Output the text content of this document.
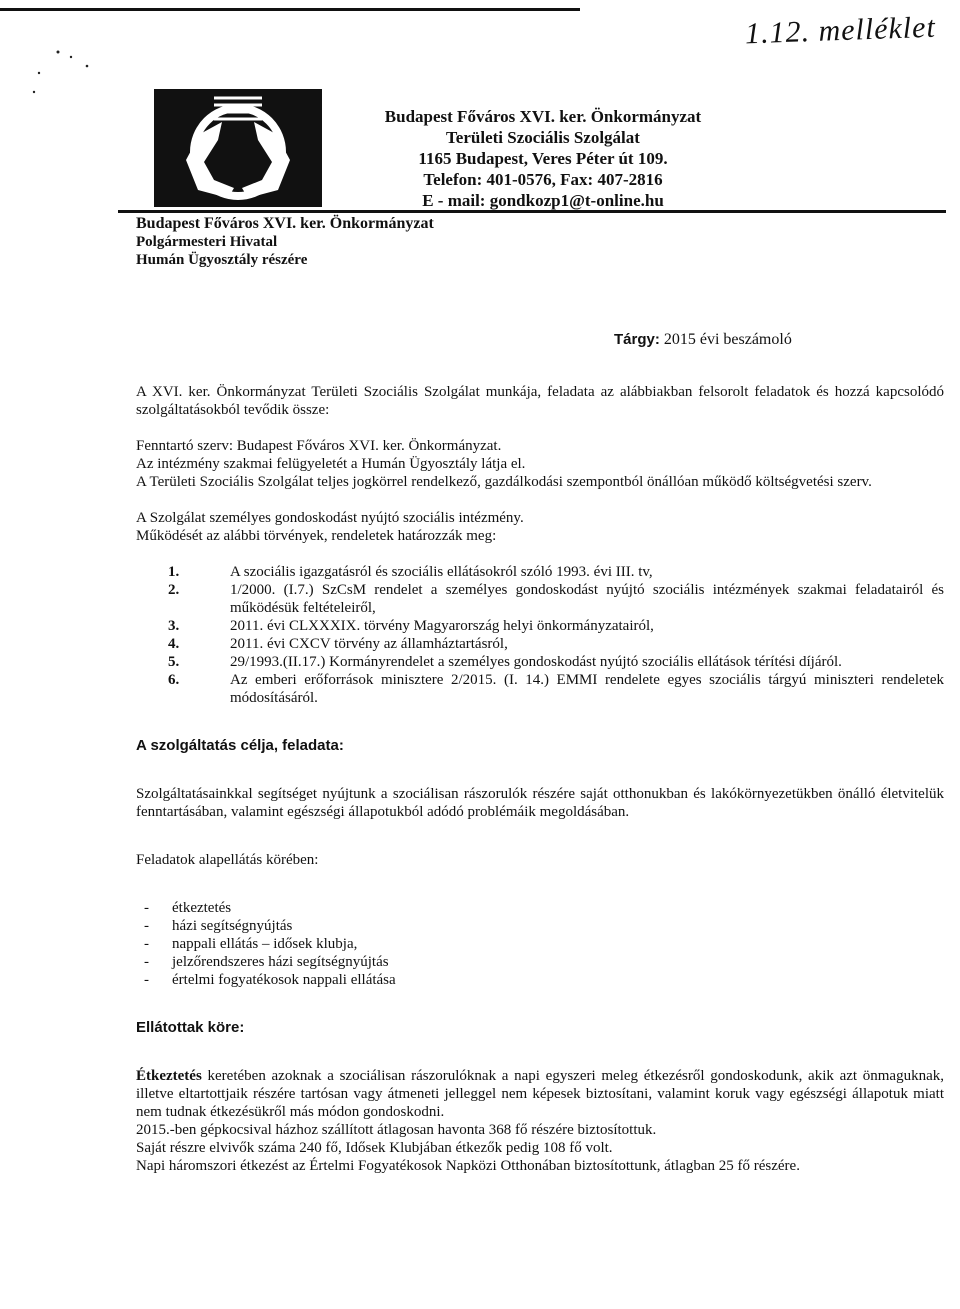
1.12. melléklet
Budapest Főváros XVI. ker. Önkormányzat
Területi Szociális Szolgálat
1165 Budapest, Veres Péter út 109.
Telefon: 401-0576, Fax: 407-2816
E - mail: gondkozp1@t-online.hu
Budapest Főváros XVI. ker. Önkormányzat
Polgármesteri Hivatal
Humán Ügyosztály részére
Tárgy: 2015 évi beszámoló

A XVI. ker. Önkormányzat Területi Szociális Szolgálat munkája, feladata az alábbiakban felsorolt feladatok és hozzá kapcsolódó szolgáltatásokból tevődik össze:

Fenntartó szerv: Budapest Főváros XVI. ker. Önkormányzat.

Az intézmény szakmai felügyeletét a Humán Ügyosztály látja el.

A Területi Szociális Szolgálat teljes jogkörrel rendelkező, gazdálkodási szempontból önállóan működő költségvetési szerv.

A Szolgálat személyes gondoskodást nyújtó szociális intézmény.

Működését az alábbi törvények, rendeletek határozzák meg:

1.	A szociális igazgatásról és szociális ellátásokról szóló 1993. évi III. tv,
2.	1/2000. (I.7.) SzCsM rendelet a személyes gondoskodást nyújtó szociális intézmények szakmai feladatairól és működésük feltételeiről,
3.	2011. évi CLXXXIX. törvény Magyarország helyi önkormányzatairól,
4.	2011. évi CXCV törvény az államháztartásról,
5.	29/1993.(II.17.) Kormányrendelet a személyes gondoskodást nyújtó szociális ellátások térítési díjáról.
6.	Az emberi erőforrások minisztere 2/2015. (I. 14.) EMMI rendelete egyes szociális tárgyú miniszteri rendeletek módosításáról.

A szolgáltatás célja, feladata:

Szolgáltatásainkkal segítséget nyújtunk a szociálisan rászorulók részére saját otthonukban és lakókörnyezetükben önálló életvitelük fenntartásában, valamint egészségi állapotukból adódó problémáik megoldásában.

Feladatok alapellátás körében:

-	étkeztetés
-	házi segítségnyújtás
-	nappali ellátás – idősek klubja,
-	jelzőrendszeres házi segítségnyújtás
-	értelmi fogyatékosok nappali ellátása

Ellátottak köre:

Étkeztetés keretében azoknak a szociálisan rászorulóknak a napi egyszeri meleg étkezésről gondoskodunk, akik azt önmaguknak, illetve eltartottjaik részére tartósan vagy átmeneti jelleggel nem képesek biztosítani, valamint koruk vagy egészségi állapotuk miatt nem tudnak étkezésükről más módon gondoskodni.

2015.-ben gépkocsival házhoz szállított átlagosan havonta 368 fő részére biztosítottuk.

Saját részre elvivők száma 240 fő, Idősek Klubjában étkezők pedig 108 fő volt.

Napi háromszori étkezést az Értelmi Fogyatékosok Napközi Otthonában biztosítottunk, átlagban 25 fő részére.
